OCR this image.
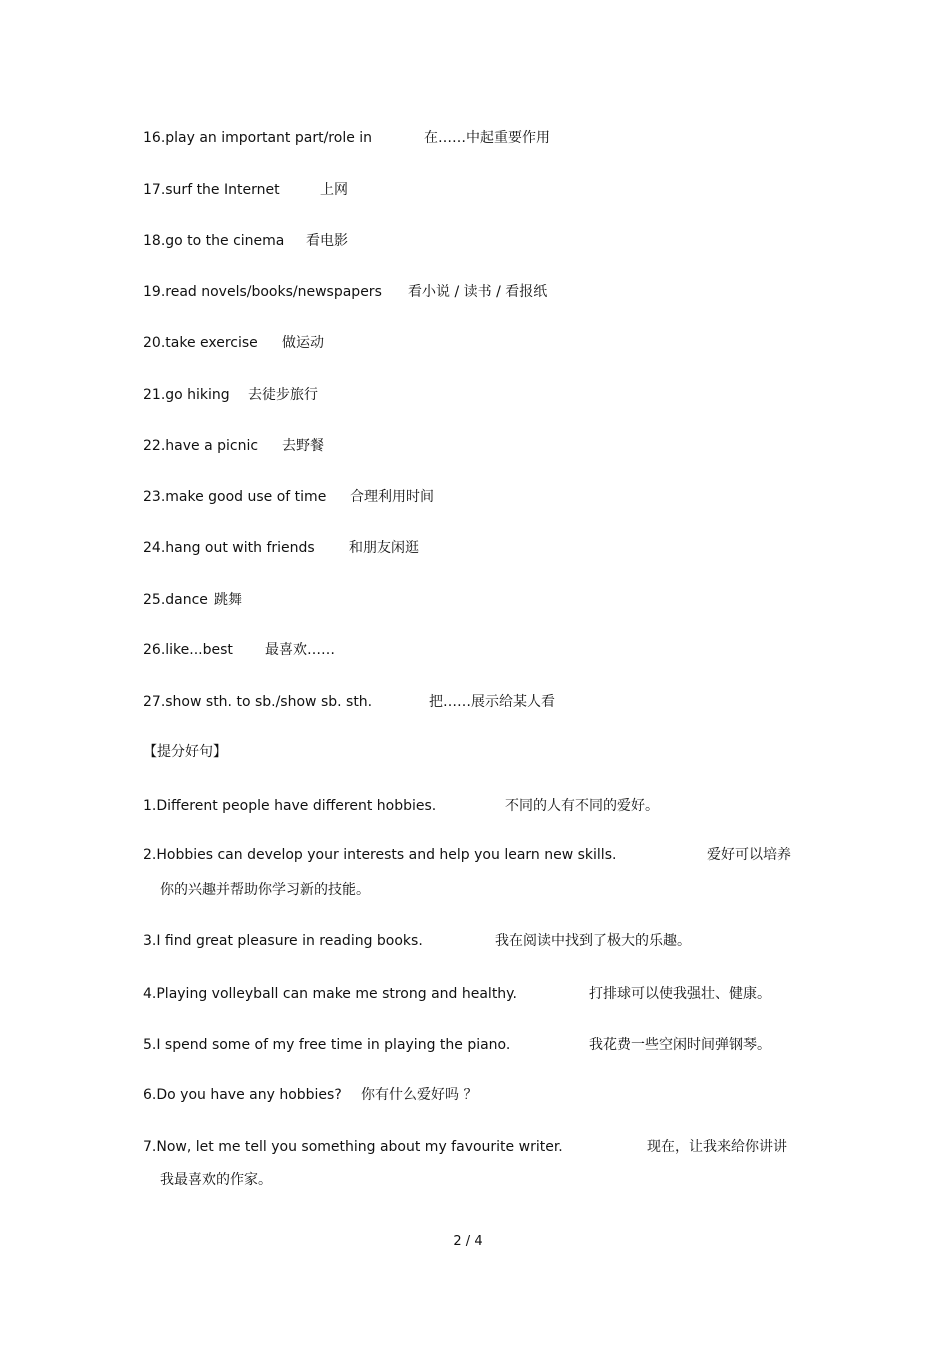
16.play an important part/role in	在……中起重要作用
17.surf the Internet	上网
18.go to the cinema 看电影
19.read novels/books/newspapers 看小说 / 读书 / 看报纸
20.take exercise 做运动
21.go hiking 去徒步旅行
22.have a picnic 去野餐
23.make good use of time 合理利用时间
24.hang out with friends 和朋友闲逛
25.dance 跳舞
26.like...best 最喜欢……
27.show sth. to sb./show sb. sth.	把……展示给某人看
【提分好句】
1.Different people have different hobbies.	不同的人有不同的爱好。
2.Hobbies can develop your interests and help you learn new skills.	爱好可以培养
你的兴趣并帮助你学习新的技能。
3.I find great pleasure in reading books.	我在阅读中找到了极大的乐趣。
4.Playing volleyball can make me strong and healthy.	打排球可以使我强壮、健康。
5.I spend some of my free time in playing the piano.	我花费一些空闲时间弹钢琴。
6.Do you have any hobbies? 你有什么爱好吗 ？
7.Now, let me tell you something about my favourite writer.	现在，让我来给你讲讲
我最喜欢的作家。
2 / 4
